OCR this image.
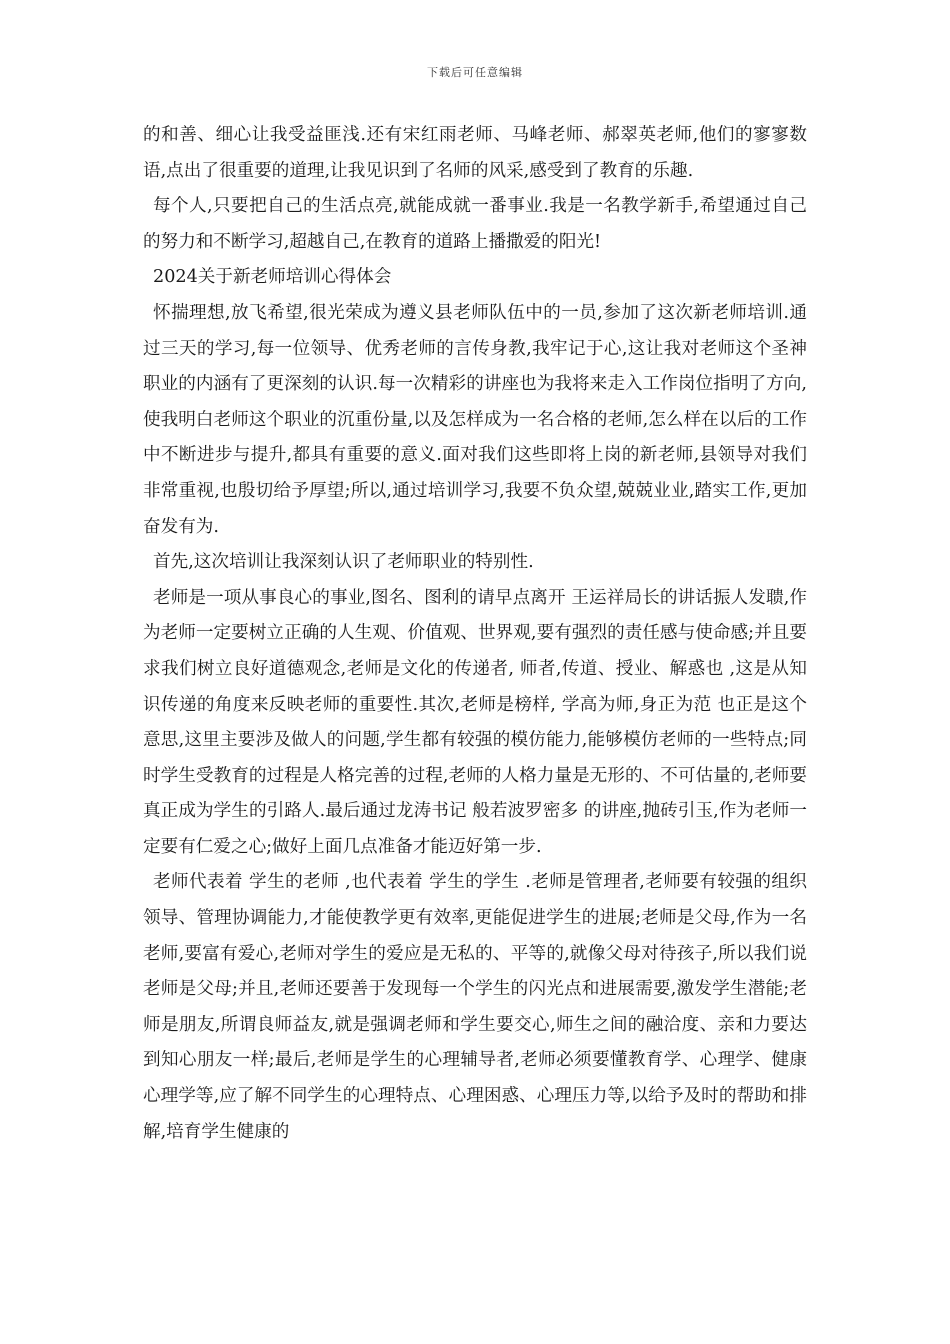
下载后可任意编辑

的和善、细心让我受益匪浅.还有宋红雨老师、马峰老师、郝翠英老师,他们的寥寥数语,点出了很重要的道理,让我见识到了名师的风采,感受到了教育的乐趣.

每个人,只要把自己的生活点亮,就能成就一番事业.我是一名教学新手,希望通过自己的努力和不断学习,超越自己,在教育的道路上播撒爱的阳光!

2024关于新老师培训心得体会

怀揣理想,放飞希望,很光荣成为遵义县老师队伍中的一员,参加了这次新老师培训.通过三天的学习,每一位领导、优秀老师的言传身教,我牢记于心,这让我对老师这个圣神职业的内涵有了更深刻的认识.每一次精彩的讲座也为我将来走入工作岗位指明了方向,使我明白老师这个职业的沉重份量,以及怎样成为一名合格的老师,怎么样在以后的工作中不断进步与提升,都具有重要的意义.面对我们这些即将上岗的新老师,县领导对我们非常重视,也殷切给予厚望;所以,通过培训学习,我要不负众望,兢兢业业,踏实工作,更加奋发有为.

首先,这次培训让我深刻认识了老师职业的特别性.

老师是一项从事良心的事业,图名、图利的请早点离开 王运祥局长的讲话振人发聩,作为老师一定要树立正确的人生观、价值观、世界观,要有强烈的责任感与使命感;并且要求我们树立良好道德观念,老师是文化的传递者, 师者,传道、授业、解惑也 ,这是从知识传递的角度来反映老师的重要性.其次,老师是榜样, 学高为师,身正为范 也正是这个意思,这里主要涉及做人的问题,学生都有较强的模仿能力,能够模仿老师的一些特点;同时学生受教育的过程是人格完善的过程,老师的人格力量是无形的、不可估量的,老师要真正成为学生的引路人.最后通过龙涛书记 般若波罗密多 的讲座,抛砖引玉,作为老师一定要有仁爱之心;做好上面几点准备才能迈好第一步.

老师代表着 学生的老师 ,也代表着 学生的学生 .老师是管理者,老师要有较强的组织领导、管理协调能力,才能使教学更有效率,更能促进学生的进展;老师是父母,作为一名老师,要富有爱心,老师对学生的爱应是无私的、平等的,就像父母对待孩子,所以我们说老师是父母;并且,老师还要善于发现每一个学生的闪光点和进展需要,激发学生潜能;老师是朋友,所谓良师益友,就是强调老师和学生要交心,师生之间的融洽度、亲和力要达到知心朋友一样;最后,老师是学生的心理辅导者,老师必须要懂教育学、心理学、健康心理学等,应了解不同学生的心理特点、心理困惑、心理压力等,以给予及时的帮助和排解,培育学生健康的
